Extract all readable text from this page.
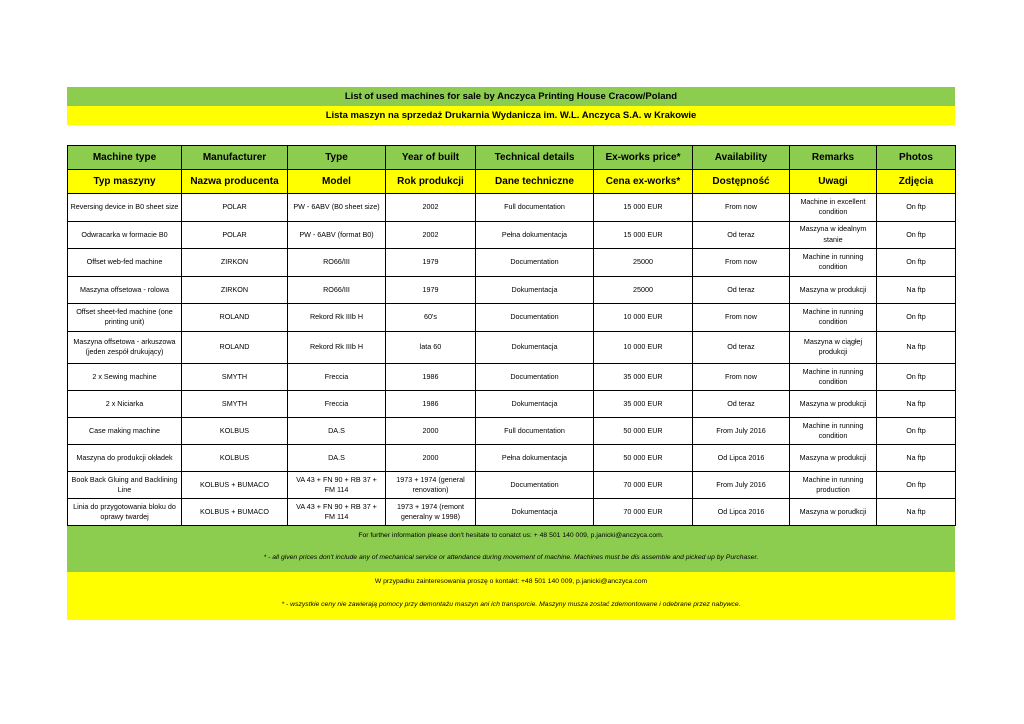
List of used machines for sale by Anczyca Printing House Cracow/Poland
Lista maszyn na sprzedaż Drukarnia Wydanicza im. W.L. Anczyca S.A. w Krakowie
Machine type	Manufacturer	Type	Year of built	Technical details	Ex-works price*	Availability	Remarks	Photos
Typ maszyny	Nazwa producenta	Model	Rok produkcji	Dane techniczne	Cena ex-works*	Dostępność	Uwagi	Zdjęcia
Reversing device in B0 sheet size	POLAR	PW - 6ABV (B0 sheet size)	2002	Full documentation	15 000 EUR	From now	Machine in excellent condition	On ftp
Odwracarka w formacie B0	POLAR	PW - 6ABV (format B0)	2002	Pełna dokumentacja	15 000 EUR	Od teraz	Maszyna w idealnym stanie	On ftp
Offset web-fed machine	ZIRKON	RO66/III	1979	Documentation	25000	From now	Machine in running condition	On ftp
Maszyna offsetowa - rolowa	ZIRKON	RO66/III	1979	Dokumentacja	25000	Od teraz	Maszyna w produkcji	Na ftp
Offset sheet-fed machine (one printing unit)	ROLAND	Rekord Rk IIIb H	60's	Documentation	10 000 EUR	From now	Machine in running condition	On ftp
Maszyna offsetowa - arkuszowa (jeden zespół drukujący)	ROLAND	Rekord Rk IIIb H	lata 60	Dokumentacja	10 000 EUR	Od teraz	Maszyna w ciągłej produkcji	Na ftp
2 x Sewing machine	SMYTH	Freccia	1986	Documentation	35 000 EUR	From now	Machine in running condition	On ftp
2 x Niciarka	SMYTH	Freccia	1986	Dokumentacja	35 000 EUR	Od teraz	Maszyna w produkcji	Na ftp
Case making machine	KOLBUS	DA.S	2000	Full documentation	50 000 EUR	From July 2016	Machine in running condition	On ftp
Maszyna do produkcji okładek	KOLBUS	DA.S	2000	Pełna dokumentacja	50 000 EUR	Od Lipca 2016	Maszyna w produkcji	Na ftp
Book Back Gluing and Backlining Line	KOLBUS + BUMACO	VA 43 + FN 90 + RB 37 + FM 114	1973 + 1974 (general renovation)	Documentation	70 000 EUR	From July 2016	Machine in running production	On ftp
Linia do przygotowania bloku do oprawy twardej	KOLBUS + BUMACO	VA 43 + FN 90 + RB 37 + FM 114	1973 + 1974 (remont generalny w 1998)	Dokumentacja	70 000 EUR	Od Lipca 2016	Maszyna w porudkcji	Na ftp
For further information please don't hesitate to conatct us: + 48 501 140 009, p.janicki@anczyca.com.
* - all given prices don't include any of mechanical service or attendance during movement of machine. Machines must be dis assemble and picked up by Purchaser.
W przypadku zainteresowania proszę o kontakt: +48 501 140 009, p.janicki@anczyca.com
* - wszystkie ceny nie zawierają pomocy przy demontażu maszyn ani ich transporcie. Maszyny musza zostać zdemontowane i odebrane przez nabywce.
